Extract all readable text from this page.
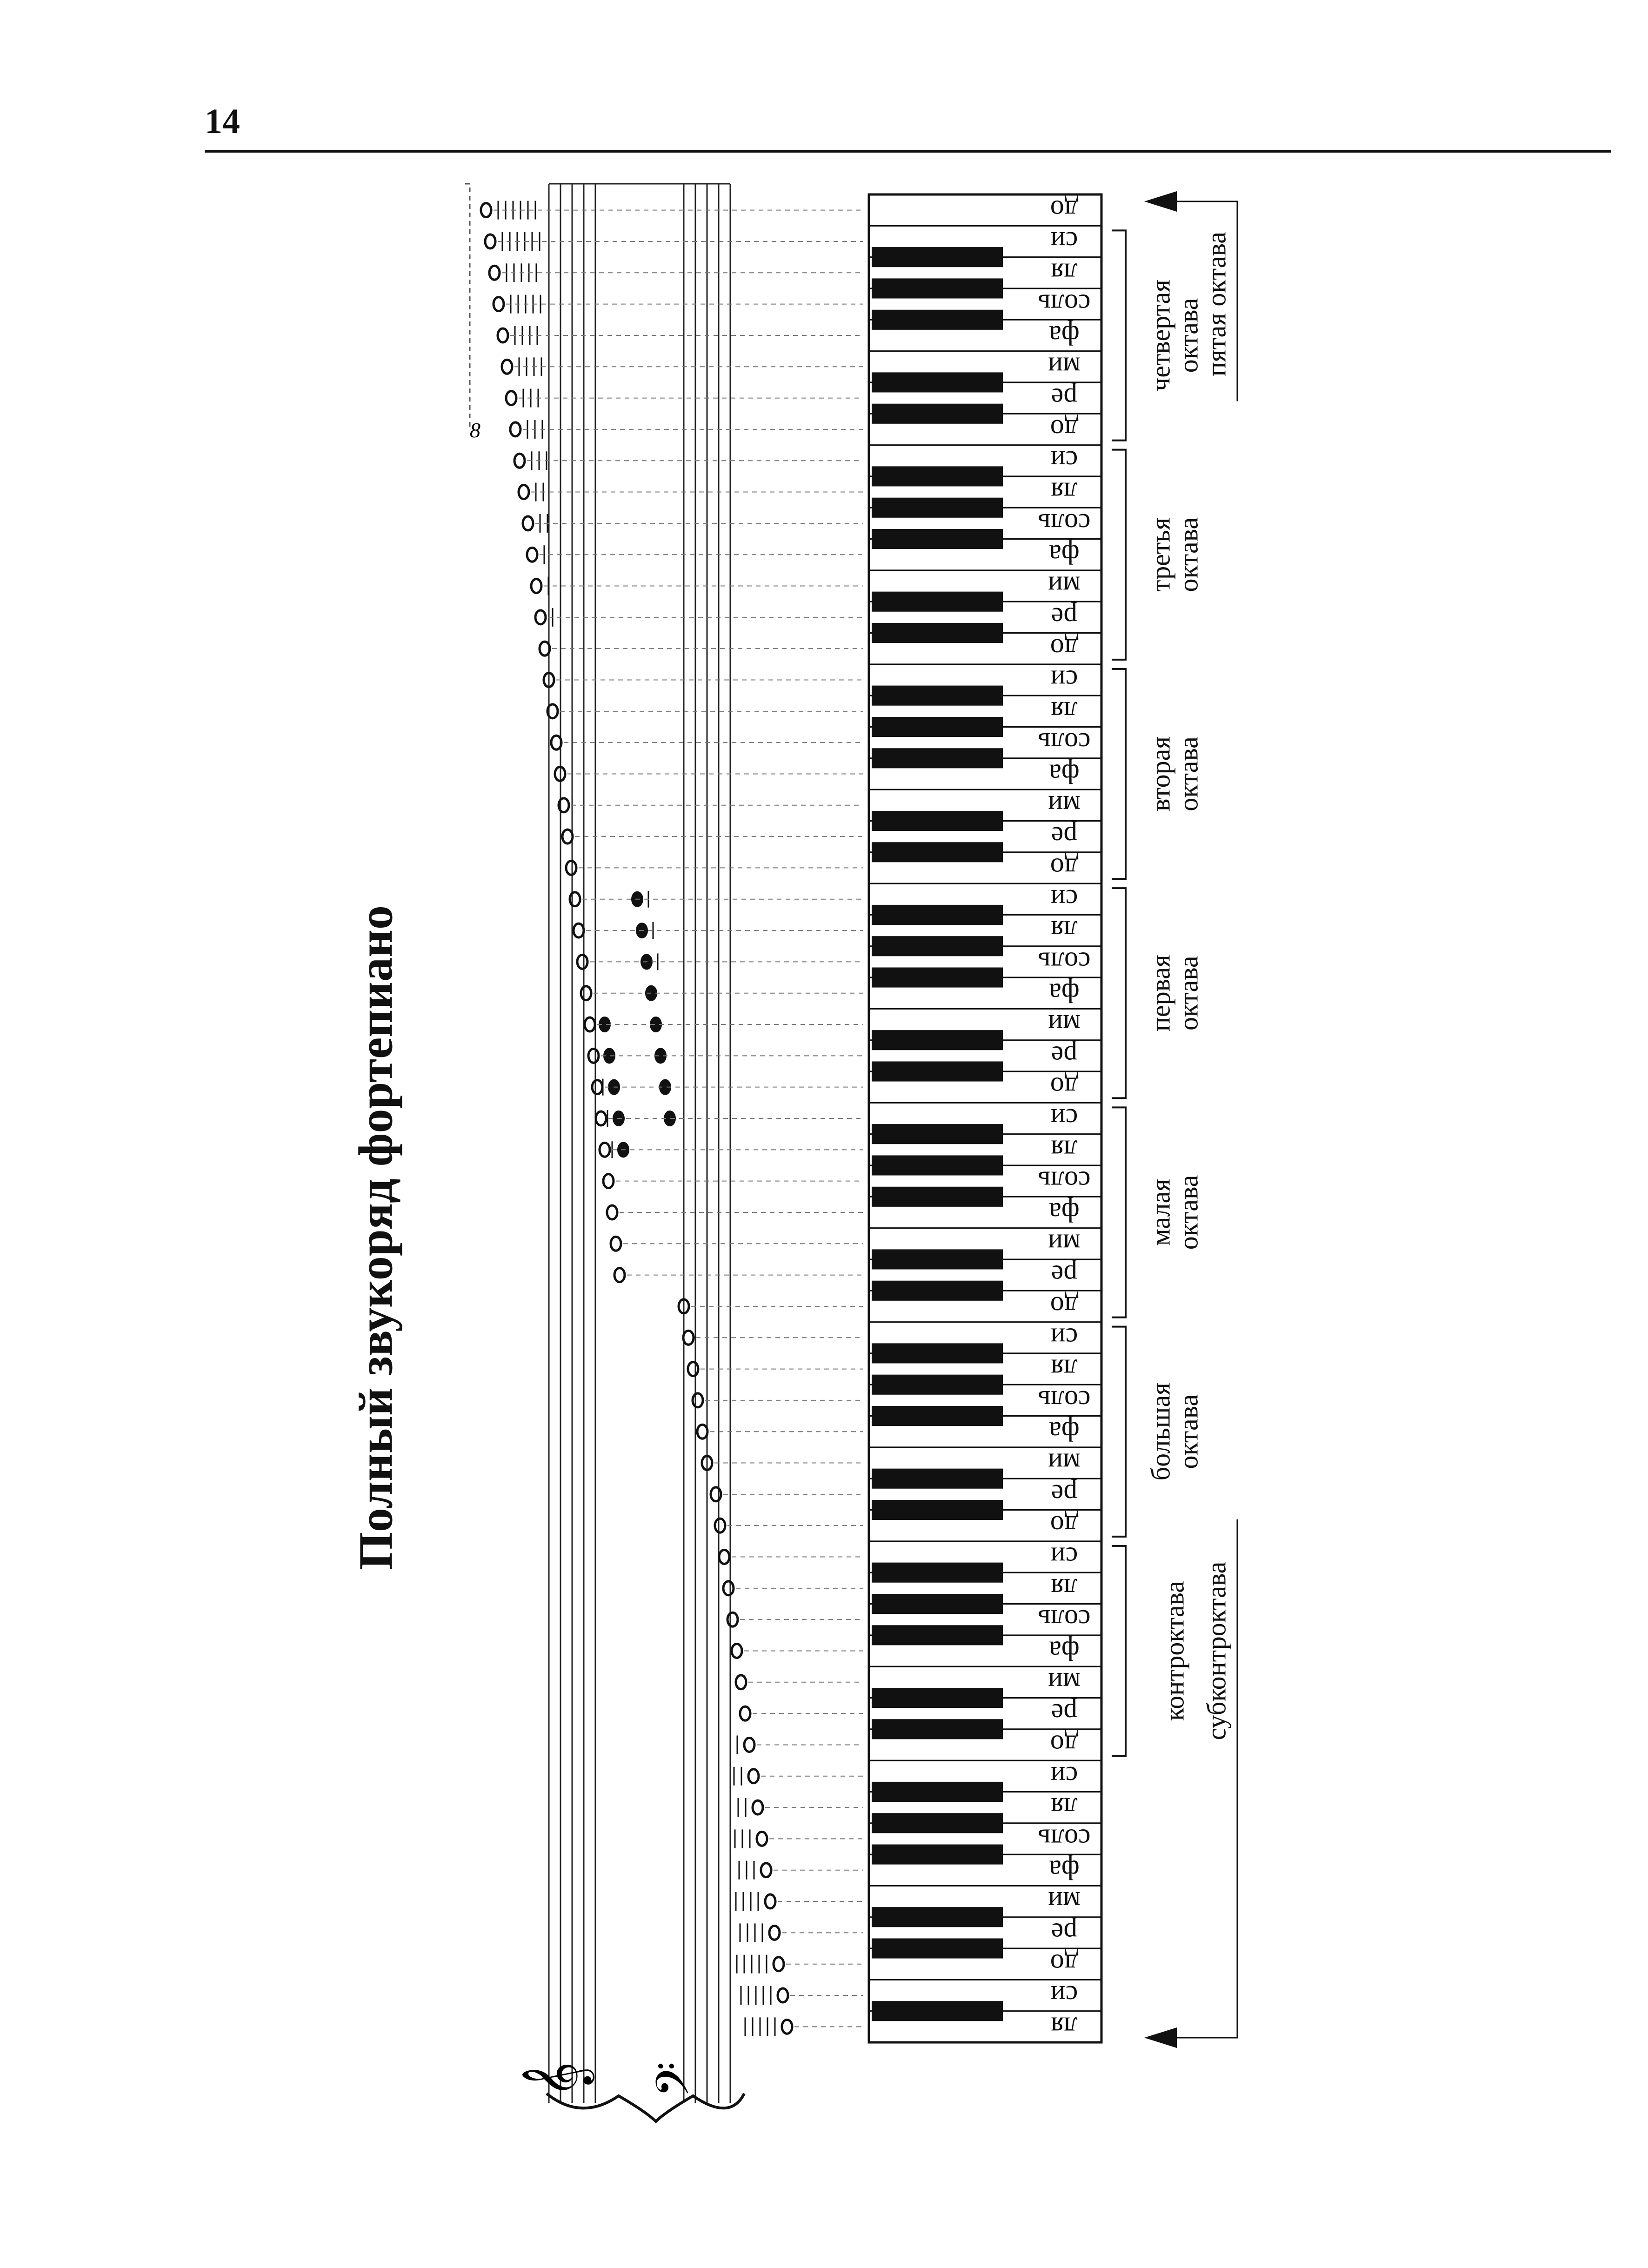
14
Полный звукоряд фортепиано
𝄞 𝄢
8
до
си
ля
соль
фа
ми
ре
до
си
ля
соль
фа
ми
ре
до
си
ля
соль
фа
ми
ре
до
си
ля
соль
фа
ми
ре
до
си
ля
соль
фа
ми
ре
до
си
ля
соль
фа
ми
ре
до
си
ля
соль
фа
ми
ре
до
си
ля
соль
фа
ми
ре
до
си
ля
четвертая
октава
третья
октава
вторая
октава
первая
октава
малая
октава
большая
октава
контроктава
пятая октава
субконтроктава
